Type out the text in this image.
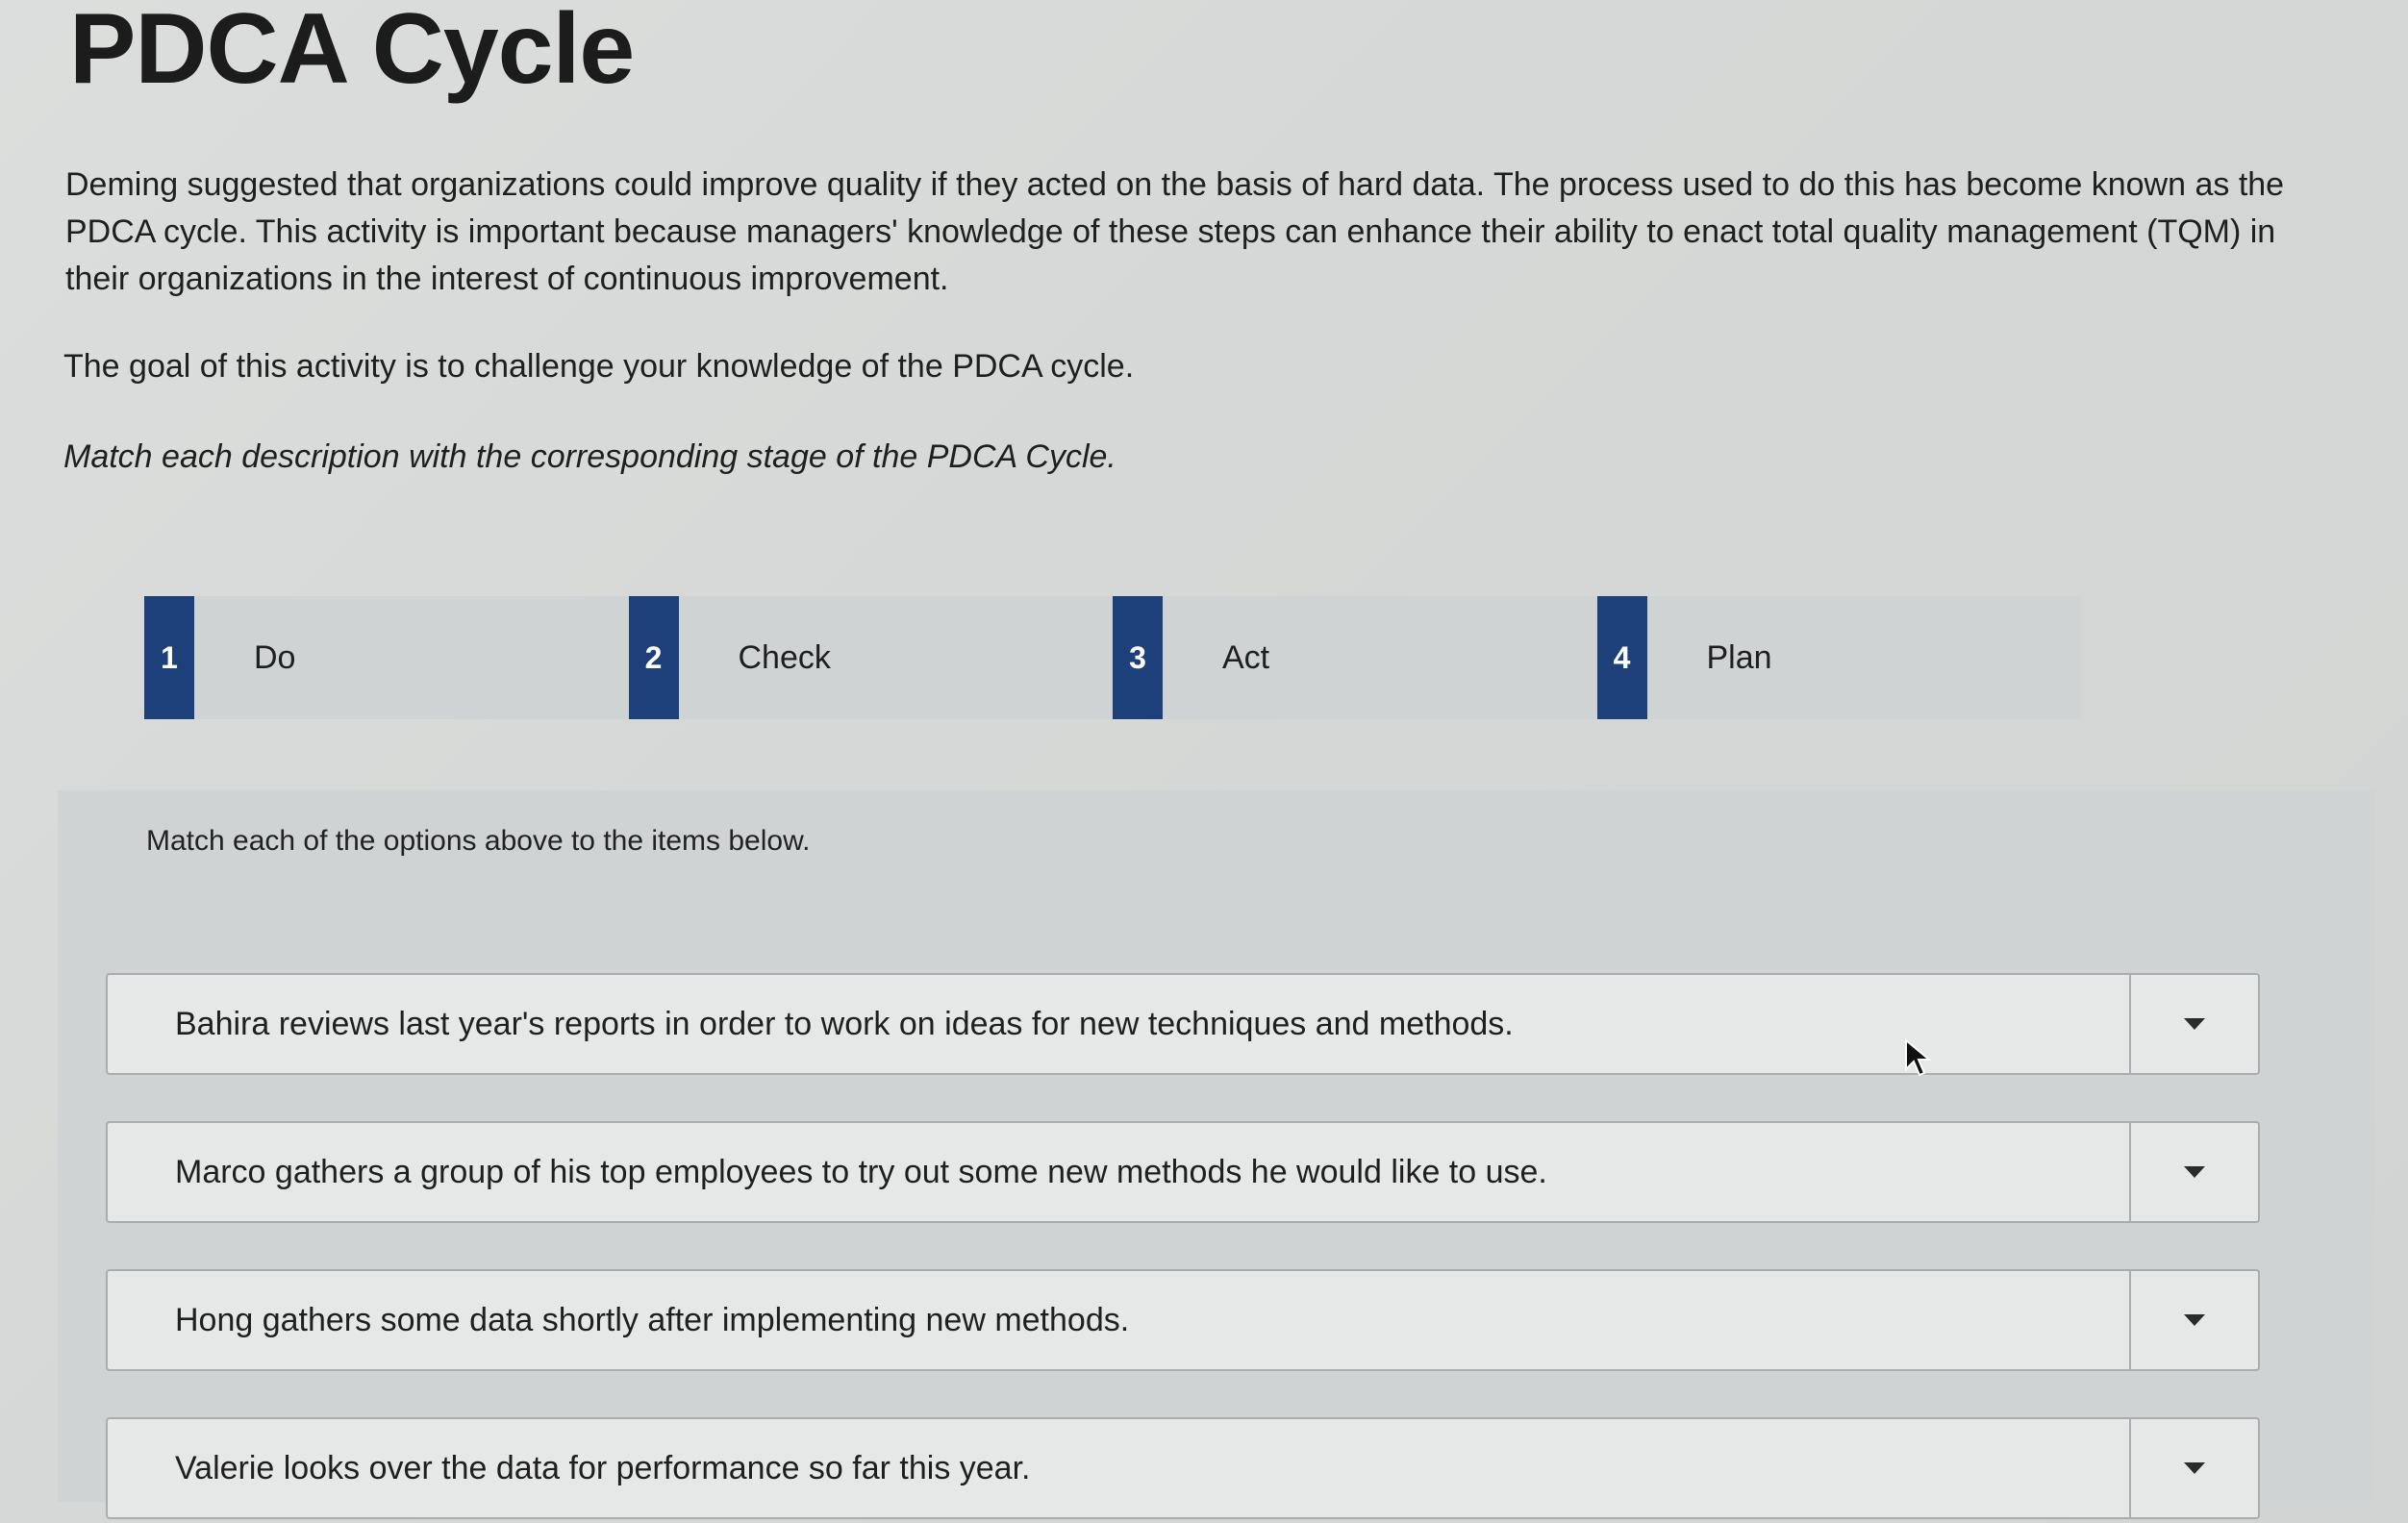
PDCA Cycle

Deming suggested that organizations could improve quality if they acted on the basis of hard data. The process used to do this has become known as the PDCA cycle. This activity is important because managers' knowledge of these steps can enhance their ability to enact total quality management (TQM) in their organizations in the interest of continuous improvement.

The goal of this activity is to challenge your knowledge of the PDCA cycle.

Match each description with the corresponding stage of the PDCA Cycle.

1	Do	2	Check	3	Act	4	Plan

Match each of the options above to the items below.

Bahira reviews last year's reports in order to work on ideas for new techniques and methods.
Marco gathers a group of his top employees to try out some new methods he would like to use.
Hong gathers some data shortly after implementing new methods.
Valerie looks over the data for performance so far this year.
